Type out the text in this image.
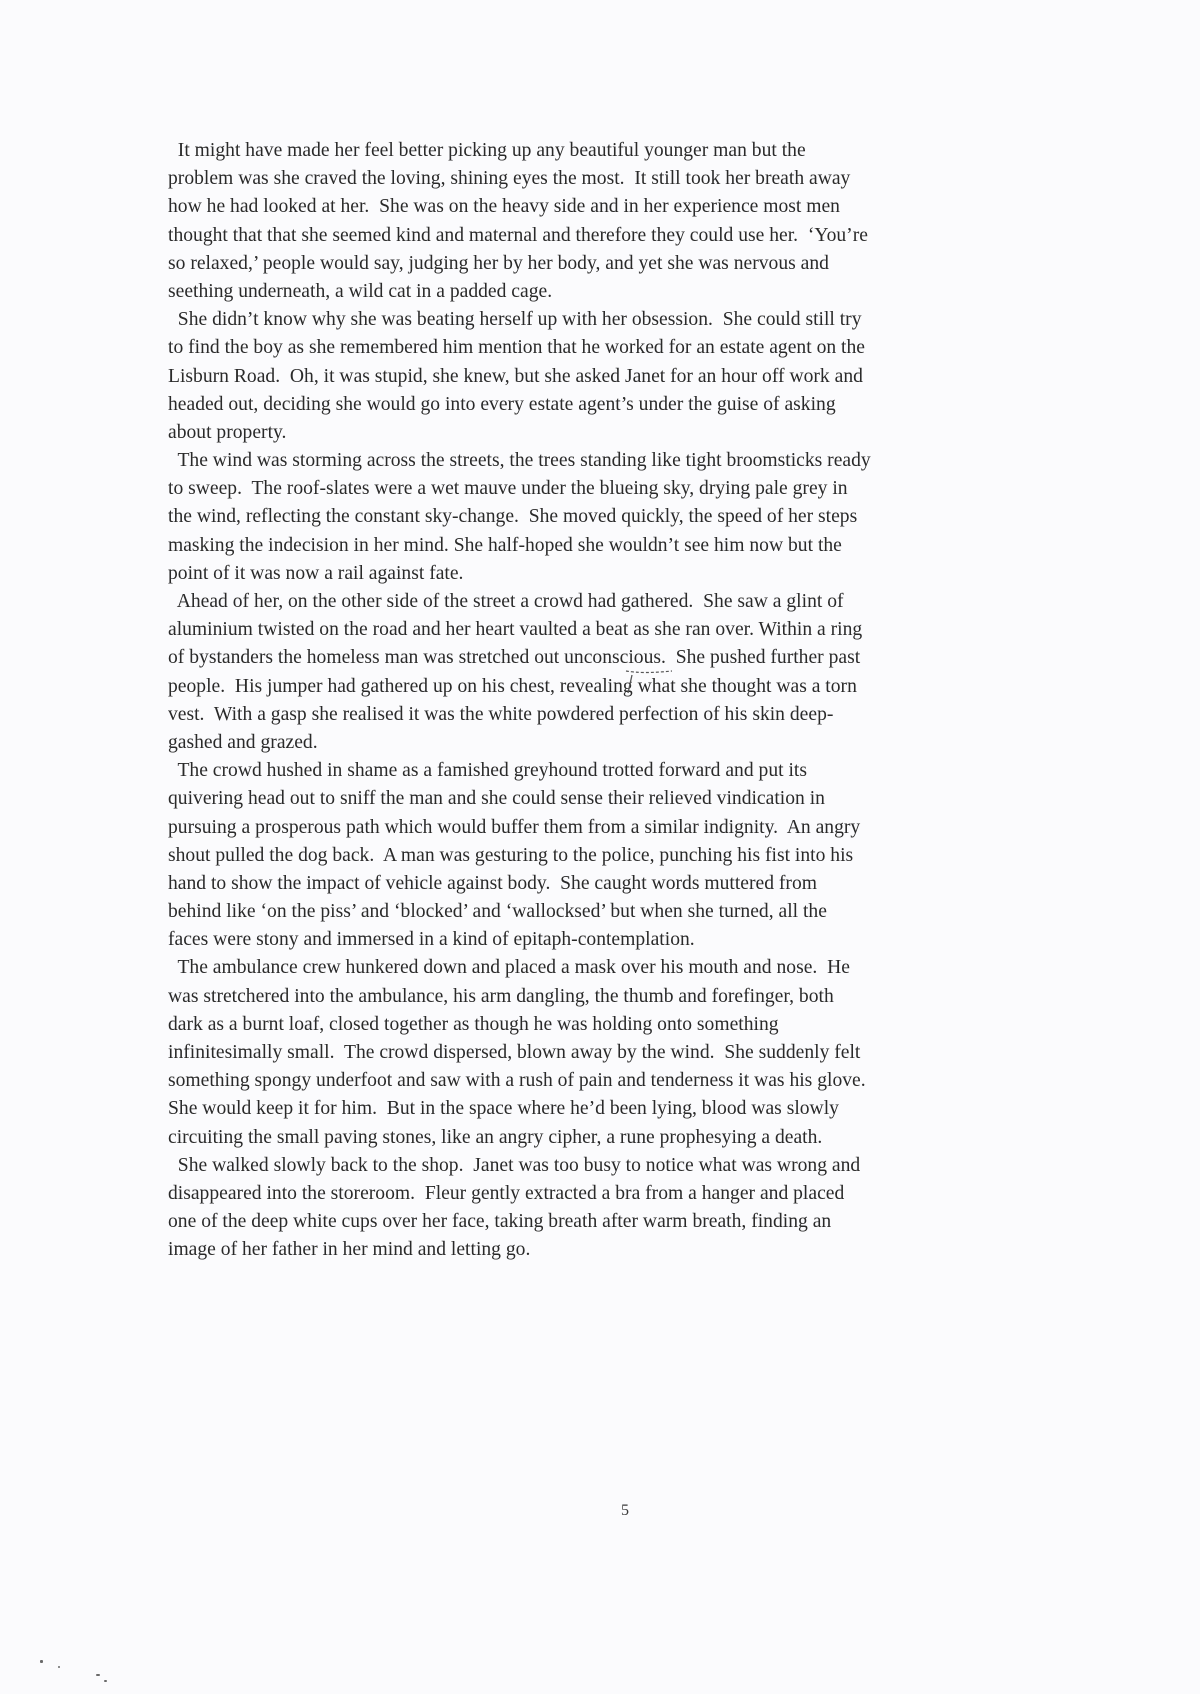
It might have made her feel better picking up any beautiful younger man but the
problem was she craved the loving, shining eyes the most.  It still took her breath away
how he had looked at her.  She was on the heavy side and in her experience most men
thought that that she seemed kind and maternal and therefore they could use her.  ‘You’re
so relaxed,’ people would say, judging her by her body, and yet she was nervous and
seething underneath, a wild cat in a padded cage.
She didn’t know why she was beating herself up with her obsession.  She could still try
to find the boy as she remembered him mention that he worked for an estate agent on the
Lisburn Road.  Oh, it was stupid, she knew, but she asked Janet for an hour off work and
headed out, deciding she would go into every estate agent’s under the guise of asking
about property.
The wind was storming across the streets, the trees standing like tight broomsticks ready
to sweep.  The roof-slates were a wet mauve under the blueing sky, drying pale grey in
the wind, reflecting the constant sky-change.  She moved quickly, the speed of her steps
masking the indecision in her mind. She half-hoped she wouldn’t see him now but the
point of it was now a rail against fate.
Ahead of her, on the other side of the street a crowd had gathered.  She saw a glint of
aluminium twisted on the road and her heart vaulted a beat as she ran over. Within a ring
of bystanders the homeless man was stretched out unconscious.  She pushed further past
people.  His jumper had gathered up on his chest, revealing what she thought was a torn
vest.  With a gasp she realised it was the white powdered perfection of his skin deep-
gashed and grazed.
The crowd hushed in shame as a famished greyhound trotted forward and put its
quivering head out to sniff the man and she could sense their relieved vindication in
pursuing a prosperous path which would buffer them from a similar indignity.  An angry
shout pulled the dog back.  A man was gesturing to the police, punching his fist into his
hand to show the impact of vehicle against body.  She caught words muttered from
behind like ‘on the piss’ and ‘blocked’ and ‘wallocksed’ but when she turned, all the
faces were stony and immersed in a kind of epitaph-contemplation.
The ambulance crew hunkered down and placed a mask over his mouth and nose.  He
was stretchered into the ambulance, his arm dangling, the thumb and forefinger, both
dark as a burnt loaf, closed together as though he was holding onto something
infinitesimally small.  The crowd dispersed, blown away by the wind.  She suddenly felt
something spongy underfoot and saw with a rush of pain and tenderness it was his glove.
She would keep it for him.  But in the space where he’d been lying, blood was slowly
circuiting the small paving stones, like an angry cipher, a rune prophesying a death.
She walked slowly back to the shop.  Janet was too busy to notice what was wrong and
disappeared into the storeroom.  Fleur gently extracted a bra from a hanger and placed
one of the deep white cups over her face, taking breath after warm breath, finding an
image of her father in her mind and letting go.
5
